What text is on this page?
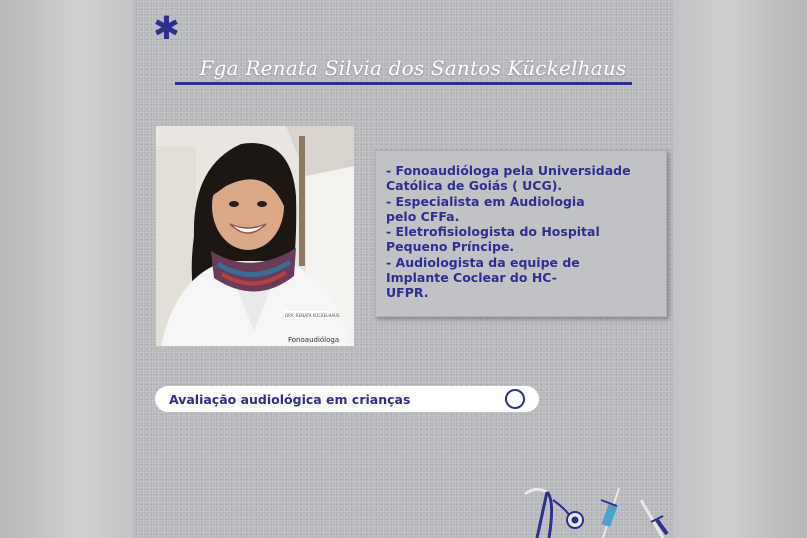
✱
Fga Renata Silvia dos Santos Kückelhaus
DRA. RENATA KÜCKELHAUS
Fonoaudióloga
- Fonoaudióloga pela Universidade
Católica de Goiás ( UCG).
- Especialista em Audiologia
pelo CFFa.
- Eletrofisiologista do Hospital
Pequeno Príncipe.
- Audiologista da equipe de
Implante Coclear do HC-
UFPR.
Avaliação audiológica em crianças
